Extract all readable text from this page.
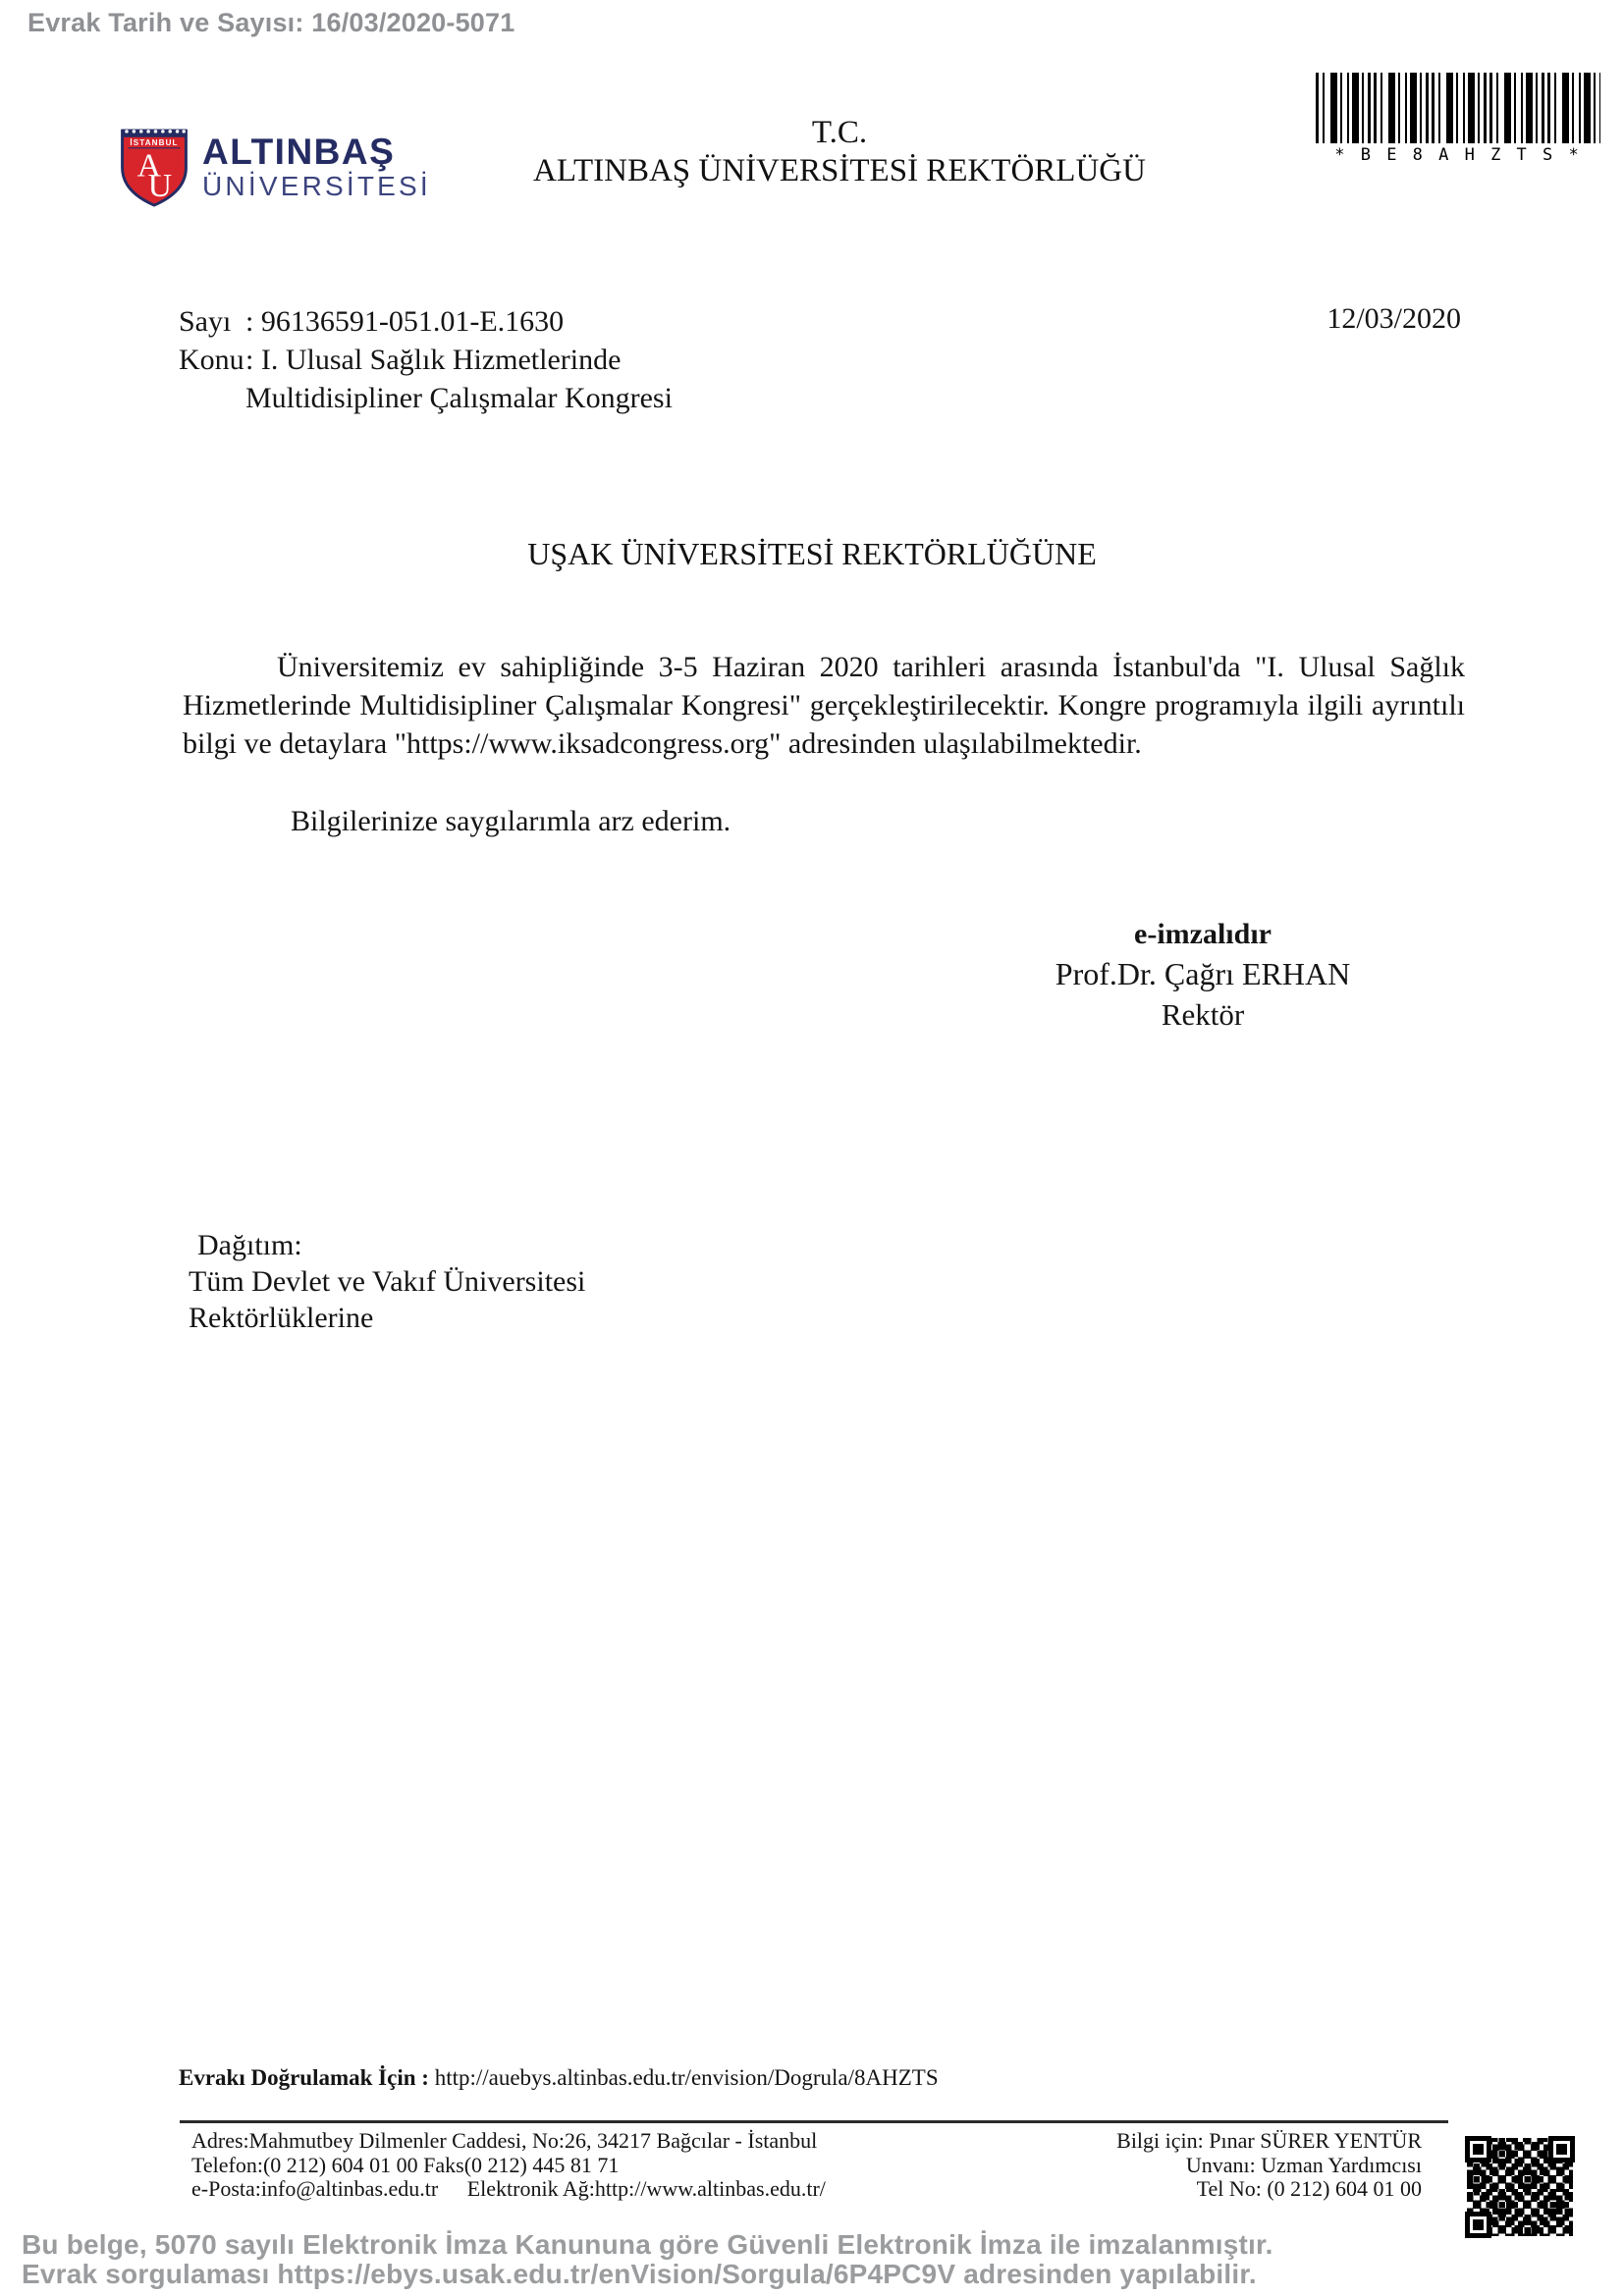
Evrak Tarih ve Sayısı: 16/03/2020-5071
İSTANBUL
A
U
ALTINBAŞ
ÜNİVERSİTESİ
T.C.
ALTINBAŞ ÜNİVERSİTESİ REKTÖRLÜĞÜ	* B E 8 A H Z T S *
Sayı : 96136591-051.01-E.1630
Konu : I. Ulusal Sağlık Hizmetlerinde
Multidisipliner Çalışmalar Kongresi
12/03/2020
UŞAK ÜNİVERSİTESİ REKTÖRLÜĞÜNE
Üniversitemiz ev sahipliğinde 3-5 Haziran 2020 tarihleri arasında İstanbul'da "I. Ulusal Sağlık Hizmetlerinde Multidisipliner Çalışmalar Kongresi" gerçekleştirilecektir. Kongre programıyla ilgili ayrıntılı bilgi ve detaylara "https://www.iksadcongress.org" adresinden ulaşılabilmektedir.
Bilgilerinize saygılarımla arz ederim.
e-imzalıdır
Prof.Dr. Çağrı ERHAN
Rektör
Dağıtım:
Tüm Devlet ve Vakıf Üniversitesi
Rektörlüklerine
Evrakı Doğrulamak İçin : http://auebys.altinbas.edu.tr/envision/Dogrula/8AHZTS
Adres:Mahmutbey Dilmenler Caddesi, No:26, 34217 Bağcılar - İstanbul
Telefon:(0 212) 604 01 00 Faks(0 212) 445 81 71
e-Posta:info@altinbas.edu.tr Elektronik Ağ:http://www.altinbas.edu.tr/
Bilgi için: Pınar SÜRER YENTÜR
Unvanı: Uzman Yardımcısı
Tel No: (0 212) 604 01 00
Bu belge, 5070 sayılı Elektronik İmza Kanununa göre Güvenli Elektronik İmza ile imzalanmıştır.
Evrak sorgulaması https://ebys.usak.edu.tr/enVision/Sorgula/6P4PC9V adresinden yapılabilir.
